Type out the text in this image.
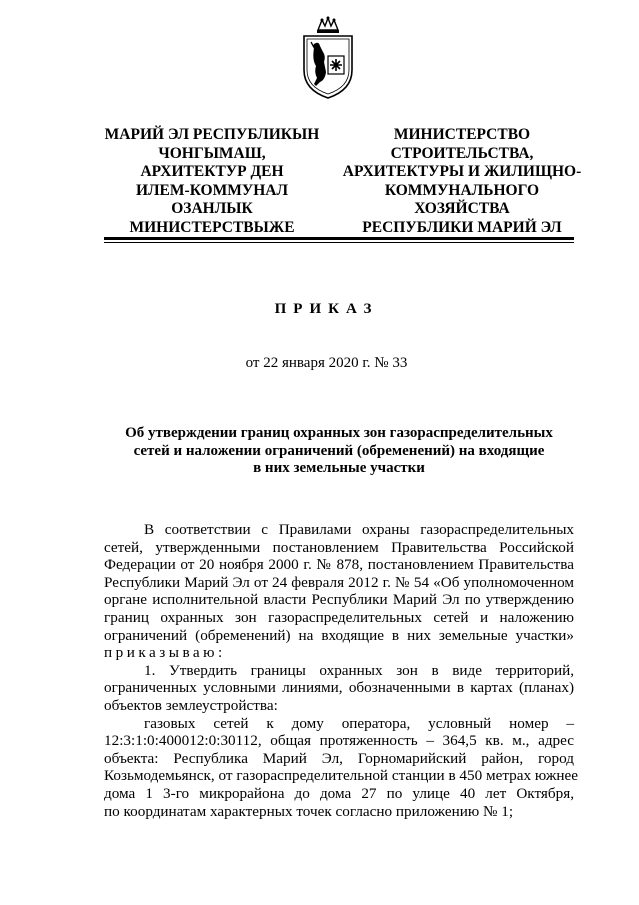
МАРИЙ ЭЛ РЕСПУБЛИКЫН
ЧОНГЫМАШ,
АРХИТЕКТУР ДЕН
ИЛЕМ-КОММУНАЛ
ОЗАНЛЫК
МИНИСТЕРСТВЫЖЕ
МИНИСТЕРСТВО
СТРОИТЕЛЬСТВА,
АРХИТЕКТУРЫ И ЖИЛИЩНО-
КОММУНАЛЬНОГО
ХОЗЯЙСТВА
РЕСПУБЛИКИ МАРИЙ ЭЛ
ПРИКАЗ
от 22 января 2020 г. № 33
Об утверждении границ охранных зон газораспределительных
сетей и наложении ограничений (обременений) на входящие
в них земельные участки
В соответствии с Правилами охраны газораспределительных
сетей, утвержденными постановлением Правительства Российской
Федерации от 20 ноября 2000 г. № 878, постановлением Правительства
Республики Марий Эл от 24 февраля 2012 г. № 54 «Об уполномоченном
органе исполнительной власти Республики Марий Эл по утверждению
границ охранных зон газораспределительных сетей и наложению
ограничений (обременений) на входящие в них земельные участки»
приказываю:
1. Утвердить границы охранных зон в виде территорий,
ограниченных условными линиями, обозначенными в картах (планах)
объектов землеустройства:
газовых сетей к дому оператора, условный номер –
12:3:1:0:400012:0:30112, общая протяженность – 364,5 кв. м., адрес
объекта: Республика Марий Эл, Горномарийский район, город
Козьмодемьянск, от газораспределительной станции в 450 метрах южнее
дома 1 3-го микрорайона до дома 27 по улице 40 лет Октября,
по координатам характерных точек согласно приложению № 1;
